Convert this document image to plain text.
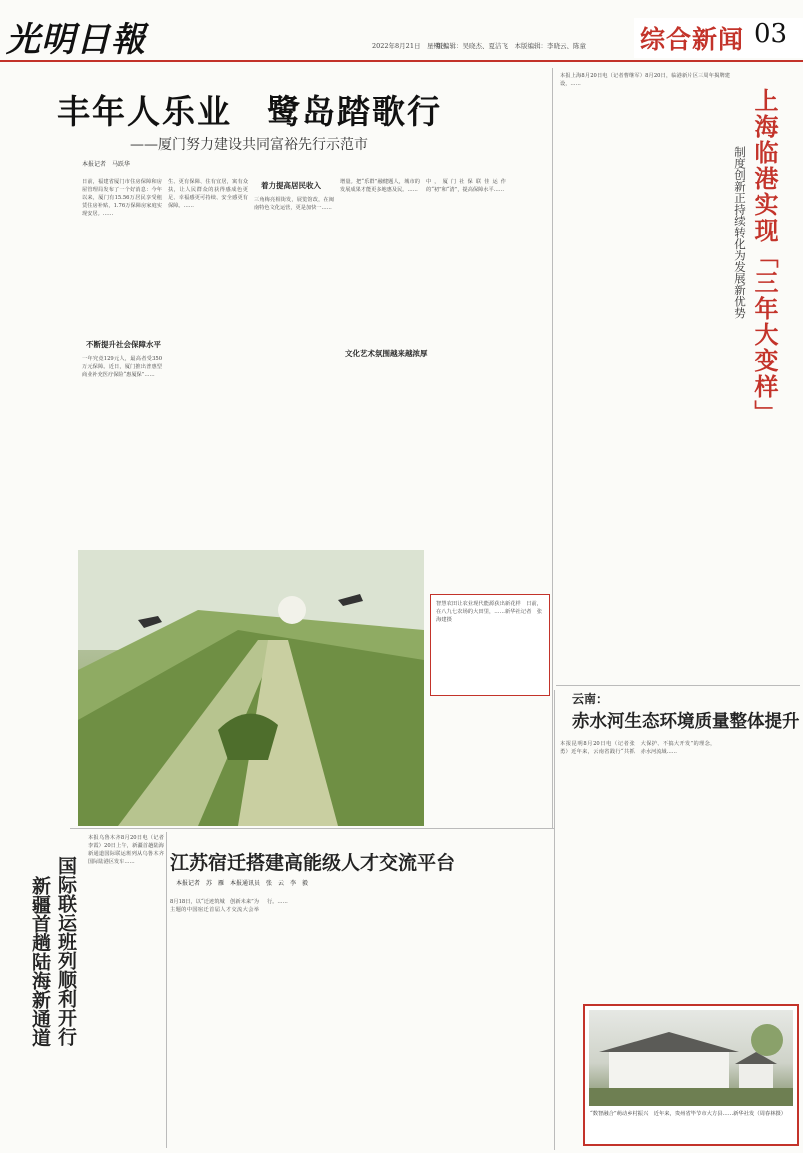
光明日報	2022年8月21日　星期日
一版编辑：吴晓杰、夏洁飞　本版编辑：李晓云、陈童 综合新闻 03
丰年人乐业　鹭岛踏歌行
——厦门努力建设共同富裕先行示范市
本报记者　马跃华
日前，福建省厦门市住房保障和房屋管理局发布了一个好消息：今年以来，厦门有15.56万居民享受租赁住房补贴，1.76万保障房家庭实现安居。……
不断提升社会保障水平
一年究竟129元人，最高者受350万元保障。近日，厦门推出普惠型商业补充医疗保险“惠厦保”……
生、更有保障、住有宜居，寓有众扶，让人民群众的获得感成色更足、幸福感更可持续、安全感更有保障。……
着力提高居民收入
三角梅亮相街发，展览馆改，在闽南特色文化运营，更是加快一……
增量。把“乐群”融健题人，城市的发展成果才能更多地惠及民。……
文化艺术氛围越来越浓厚
中，厦门社保联佳运作的“初”和“清”，提高保障水平……
智慧农田让农业现代能源获出新花样　日前，在八九七农场的大田里，……新华社记者　张海建摄
本报上海8月20日电（记者曹继军）8月20日，临港新片区三周年揭牌建设，……
上海临港实现「三年大变样」
制度创新正持续转化为发展新优势
云南：
赤水河生态环境质量整体提升
本报昆明8月20日电（记者张勇）近年来，云南省践行“共抓大保护、不搞大开发”的理念，赤水河流域……
江苏宿迁搭建高能级人才交流平台
本报记者　苏　雁　本报通讯员　张　云　李　毅
8月18日，以“迁迹筑城　创新未来”为主题的中国宿迁首届人才交流大会举行。……
本报乌鲁木齐8月20日电（记者李霞）20日上午，新疆首趟陆海新通道国际联运班列从乌鲁木齐国际陆港区发车……
国际联运班列顺利开行
新疆首趟陆海新通道
“数智融合”萌动乡村振兴　近年来，贵州省毕节市大方县……新华社发（周春林摄）
